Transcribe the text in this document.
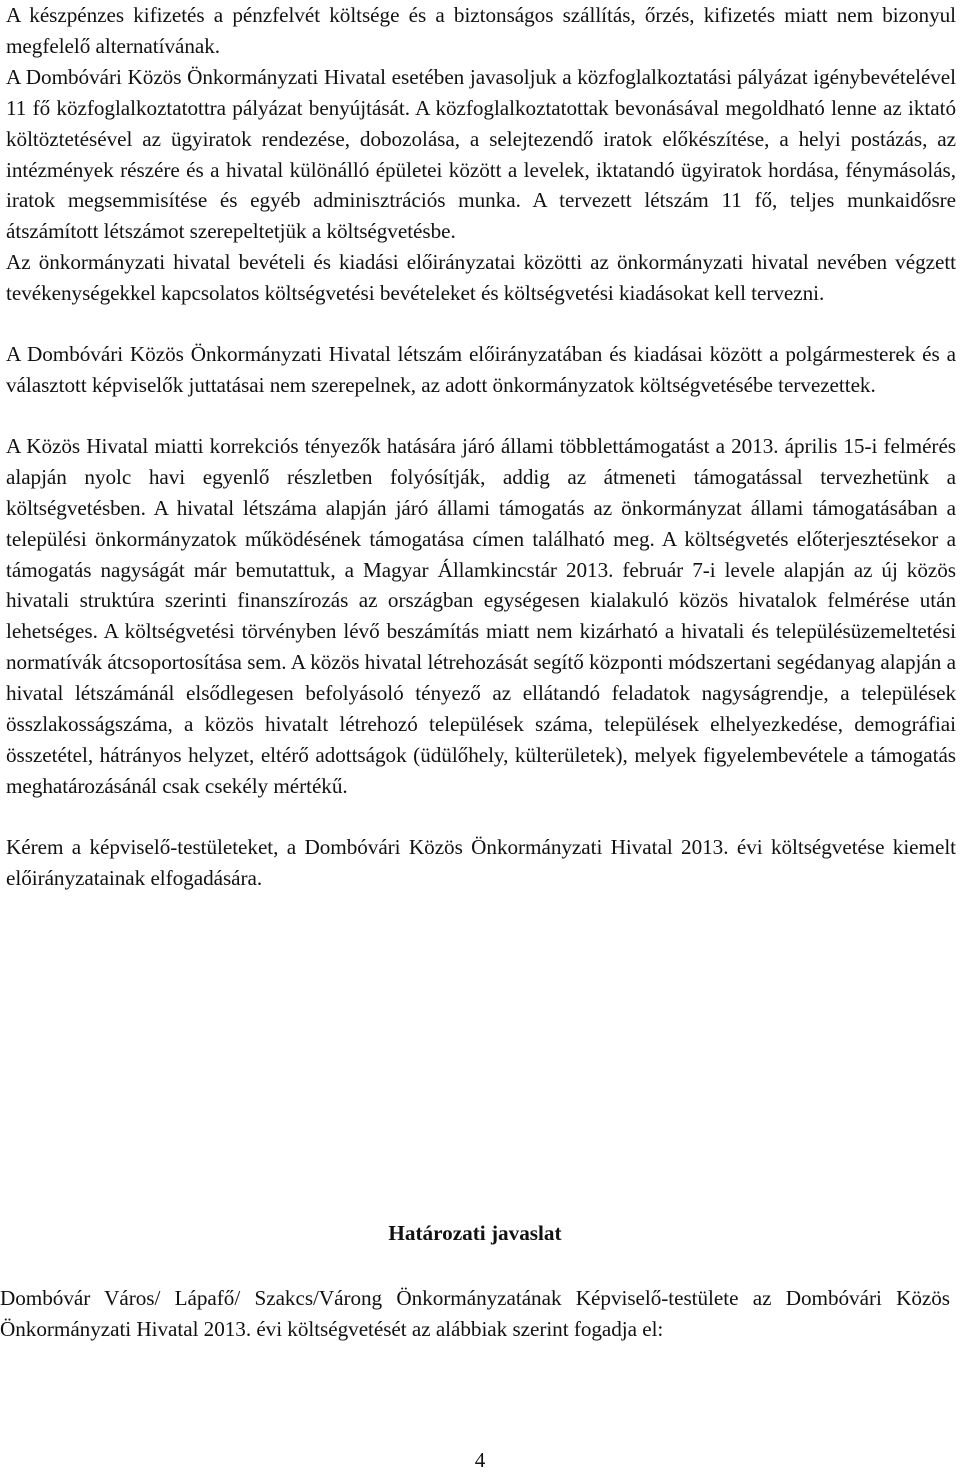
A készpénzes kifizetés a pénzfelvét költsége és a biztonságos szállítás, őrzés, kifizetés miatt nem bizonyul megfelelő alternatívának.

A Dombóvári Közös Önkormányzati Hivatal esetében javasoljuk a közfoglalkoztatási pályázat igénybevételével 11 fő közfoglalkoztatottra pályázat benyújtását. A közfoglalkoztatottak bevonásával megoldható lenne az iktató költöztetésével az ügyiratok rendezése, dobozolása, a selejtezendő iratok előkészítése, a helyi postázás, az intézmények részére és a hivatal különálló épületei között a levelek, iktatandó ügyiratok hordása, fénymásolás, iratok megsemmisítése és egyéb adminisztrációs munka. A tervezett létszám 11 fő, teljes munkaidősre átszámított létszámot szerepeltetjük a költségvetésbe.

Az önkormányzati hivatal bevételi és kiadási előirányzatai közötti az önkormányzati hivatal nevében végzett tevékenységekkel kapcsolatos költségvetési bevételeket és költségvetési kiadásokat kell tervezni.

A Dombóvári Közös Önkormányzati Hivatal létszám előirányzatában és kiadásai között a polgármesterek és a választott képviselők juttatásai nem szerepelnek, az adott önkormányzatok költségvetésébe tervezettek.

A Közös Hivatal miatti korrekciós tényezők hatására járó állami többlettámogatást a 2013. április 15-i felmérés alapján nyolc havi egyenlő részletben folyósítják, addig az átmeneti támogatással tervezhetünk a költségvetésben. A hivatal létszáma alapján járó állami támogatás az önkormányzat állami támogatásában a települési önkormányzatok működésének támogatása címen található meg. A költségvetés előterjesztésekor a támogatás nagyságát már bemutattuk, a Magyar Államkincstár 2013. február 7-i levele alapján az új közös hivatali struktúra szerinti finanszírozás az országban egységesen kialakuló közös hivatalok felmérése után lehetséges. A költségvetési törvényben lévő beszámítás miatt nem kizárható a hivatali és településüzemeltetési normatívák átcsoportosítása sem. A közös hivatal létrehozását segítő központi módszertani segédanyag alapján a hivatal létszámánál elsődlegesen befolyásoló tényező az ellátandó feladatok nagyságrendje, a települések összlakosságszáma, a közös hivatalt létrehozó települések száma, települések elhelyezkedése, demográfiai összetétel, hátrányos helyzet, eltérő adottságok (üdülőhely, külterületek), melyek figyelembevétele a támogatás meghatározásánál csak csekély mértékű.

Kérem a képviselő-testületeket, a Dombóvári Közös Önkormányzati Hivatal 2013. évi költségvetése kiemelt előirányzatainak elfogadására.

Határozati javaslat

Dombóvár Város/ Lápafő/ Szakcs/Várong Önkormányzatának Képviselő-testülete az Dombóvári Közös Önkormányzati Hivatal 2013. évi költségvetését az alábbiak szerint fogadja el:

4
